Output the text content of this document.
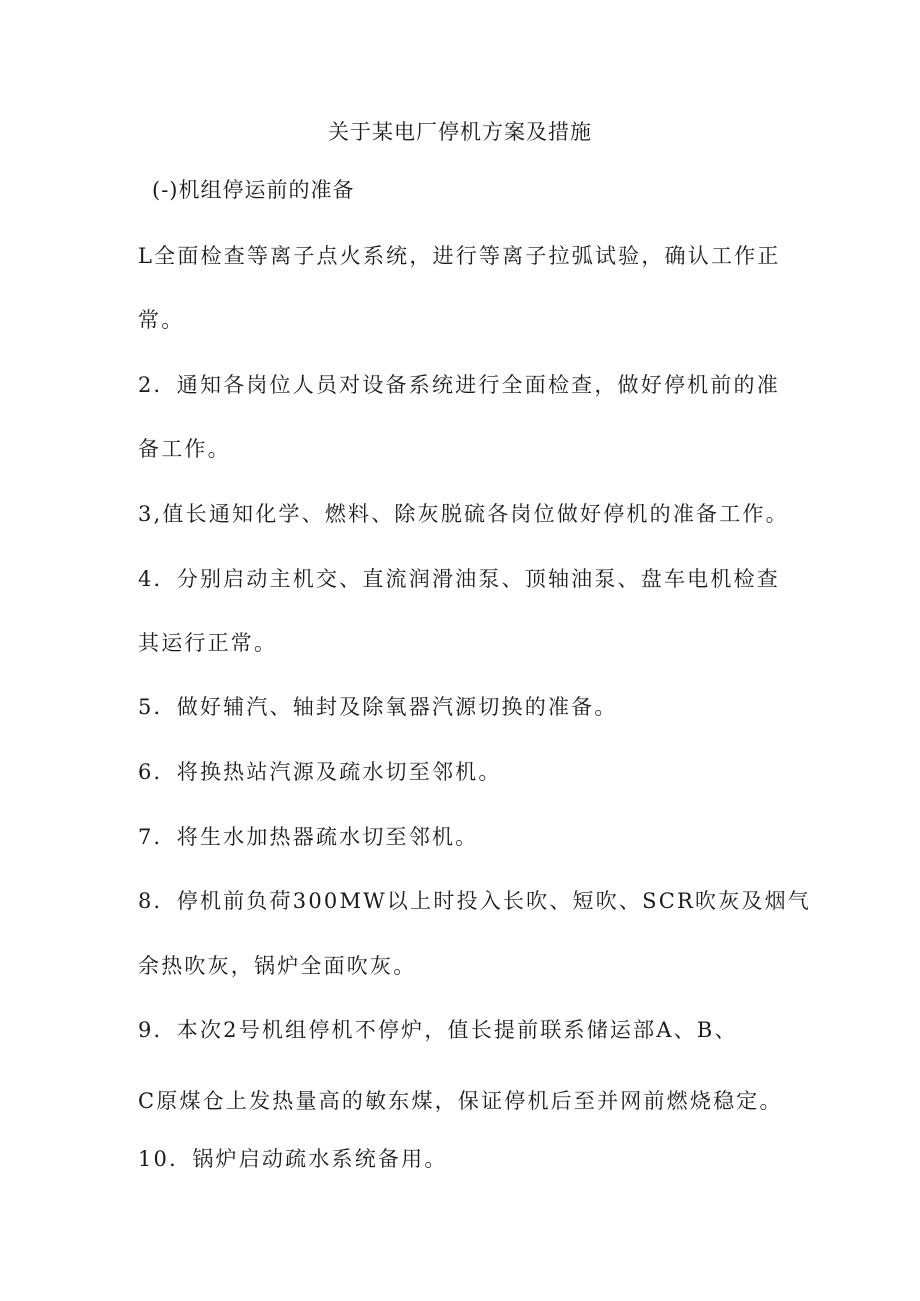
关于某电厂停机方案及措施
(-)机组停运前的准备
L全面检查等离子点火系统，进行等离子拉弧试验，确认工作正
常。
2．通知各岗位人员对设备系统进行全面检查，做好停机前的准
备工作。
3,值长通知化学、燃料、除灰脱硫各岗位做好停机的准备工作。
4．分别启动主机交、直流润滑油泵、顶轴油泵、盘车电机检查
其运行正常。
5．做好辅汽、轴封及除氧器汽源切换的准备。
6．将换热站汽源及疏水切至邻机。
7．将生水加热器疏水切至邻机。
8．停机前负荷300MW以上时投入长吹、短吹、SCR吹灰及烟气
余热吹灰，锅炉全面吹灰。
9．本次2号机组停机不停炉，值长提前联系储运部A、B、
C原煤仓上发热量高的敏东煤，保证停机后至并网前燃烧稳定。
10．锅炉启动疏水系统备用。
